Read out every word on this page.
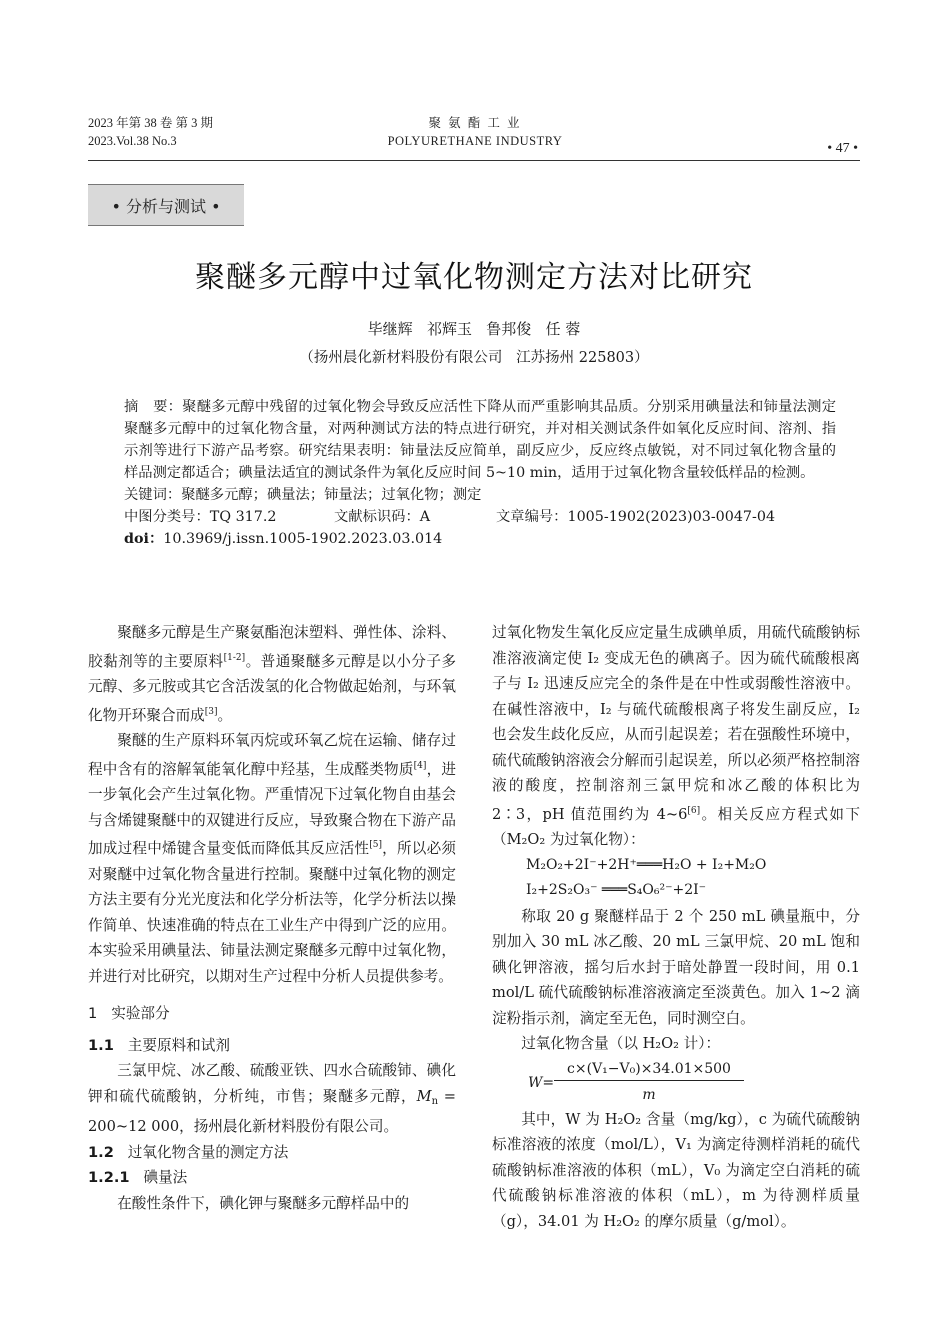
2023 年第 38 卷 第 3 期
2023.Vol.38 No.3
聚 氨 酯 工 业
POLYURETHANE INDUSTRY	• 47 •
• 分析与测试 •
聚醚多元醇中过氧化物测定方法对比研究
毕继辉   祁辉玉   鲁邦俊   任 蓉
（扬州晨化新材料股份有限公司   江苏扬州 225803）

摘　要：聚醚多元醇中残留的过氧化物会导致反应活性下降从而严重影响其品质。分别采用碘量法和铈量法测定聚醚多元醇中的过氧化物含量，对两种测试方法的特点进行研究，并对相关测试条件如氧化反应时间、溶剂、指示剂等进行下游产品考察。研究结果表明：铈量法反应简单，副反应少，反应终点敏锐，对不同过氧化物含量的样品测定都适合；碘量法适宜的测试条件为氧化反应时间 5~10 min，适用于过氧化物含量较低样品的检测。

关键词：聚醚多元醇；碘量法；铈量法；过氧化物；测定
中图分类号：TQ 317.2	文献标识码：A	文章编号：1005-1902(2023)03-0047-04
doi：10.3969/j.issn.1005-1902.2023.03.014

聚醚多元醇是生产聚氨酯泡沫塑料、弹性体、涂料、胶黏剂等的主要原料[1-2]。普通聚醚多元醇是以小分子多元醇、多元胺或其它含活泼氢的化合物做起始剂，与环氧化物开环聚合而成[3]。

聚醚的生产原料环氧丙烷或环氧乙烷在运输、储存过程中含有的溶解氧能氧化醇中羟基，生成醛类物质[4]，进一步氧化会产生过氧化物。严重情况下过氧化物自由基会与含烯键聚醚中的双键进行反应，导致聚合物在下游产品加成过程中烯键含量变低而降低其反应活性[5]，所以必须对聚醚中过氧化物含量进行控制。聚醚中过氧化物的测定方法主要有分光光度法和化学分析法等，化学分析法以操作简单、快速准确的特点在工业生产中得到广泛的应用。本实验采用碘量法、铈量法测定聚醚多元醇中过氧化物，并进行对比研究，以期对生产过程中分析人员提供参考。

1 实验部分

1.1 主要原料和试剂

三氯甲烷、冰乙酸、硫酸亚铁、四水合硫酸铈、碘化钾和硫代硫酸钠，分析纯，市售；聚醚多元醇，$M_n$ = 200~12 000，扬州晨化新材料股份有限公司。

1.2 过氧化物含量的测定方法

1.2.1 碘量法

在酸性条件下，碘化钾与聚醚多元醇样品中的

过氧化物发生氧化反应定量生成碘单质，用硫代硫酸钠标准溶液滴定使 I₂ 变成无色的碘离子。因为硫代硫酸根离子与 I₂ 迅速反应完全的条件是在中性或弱酸性溶液中。在碱性溶液中，I₂ 与硫代硫酸根离子将发生副反应，I₂ 也会发生歧化反应，从而引起误差；若在强酸性环境中，硫代硫酸钠溶液会分解而引起误差，所以必须严格控制溶液的酸度，控制溶剂三氯甲烷和冰乙酸的体积比为 2∶3，pH 值范围约为 4~6[6]。相关反应方程式如下（M₂O₂ 为过氧化物）：

M₂O₂+2I⁻+2H⁺═══H₂O + I₂+M₂O
I₂+2S₂O₃⁻ ═══S₄O₆²⁻+2I⁻

称取 20 g 聚醚样品于 2 个 250 mL 碘量瓶中，分别加入 30 mL 冰乙酸、20 mL 三氯甲烷、20 mL 饱和碘化钾溶液，摇匀后水封于暗处静置一段时间，用 0.1 mol/L 硫代硫酸钠标准溶液滴定至淡黄色。加入 1~2 滴淀粉指示剂，滴定至无色，同时测空白。

过氧化物含量（以 H₂O₂ 计）：

W=
c×(V₁−V₀)×34.01×500
m

其中，W 为 H₂O₂ 含量（mg/kg），c 为硫代硫酸钠标准溶液的浓度（mol/L），V₁ 为滴定待测样消耗的硫代硫酸钠标准溶液的体积（mL），V₀ 为滴定空白消耗的硫代硫酸钠标准溶液的体积（mL），m 为待测样质量（g），34.01 为 H₂O₂ 的摩尔质量（g/mol）。
